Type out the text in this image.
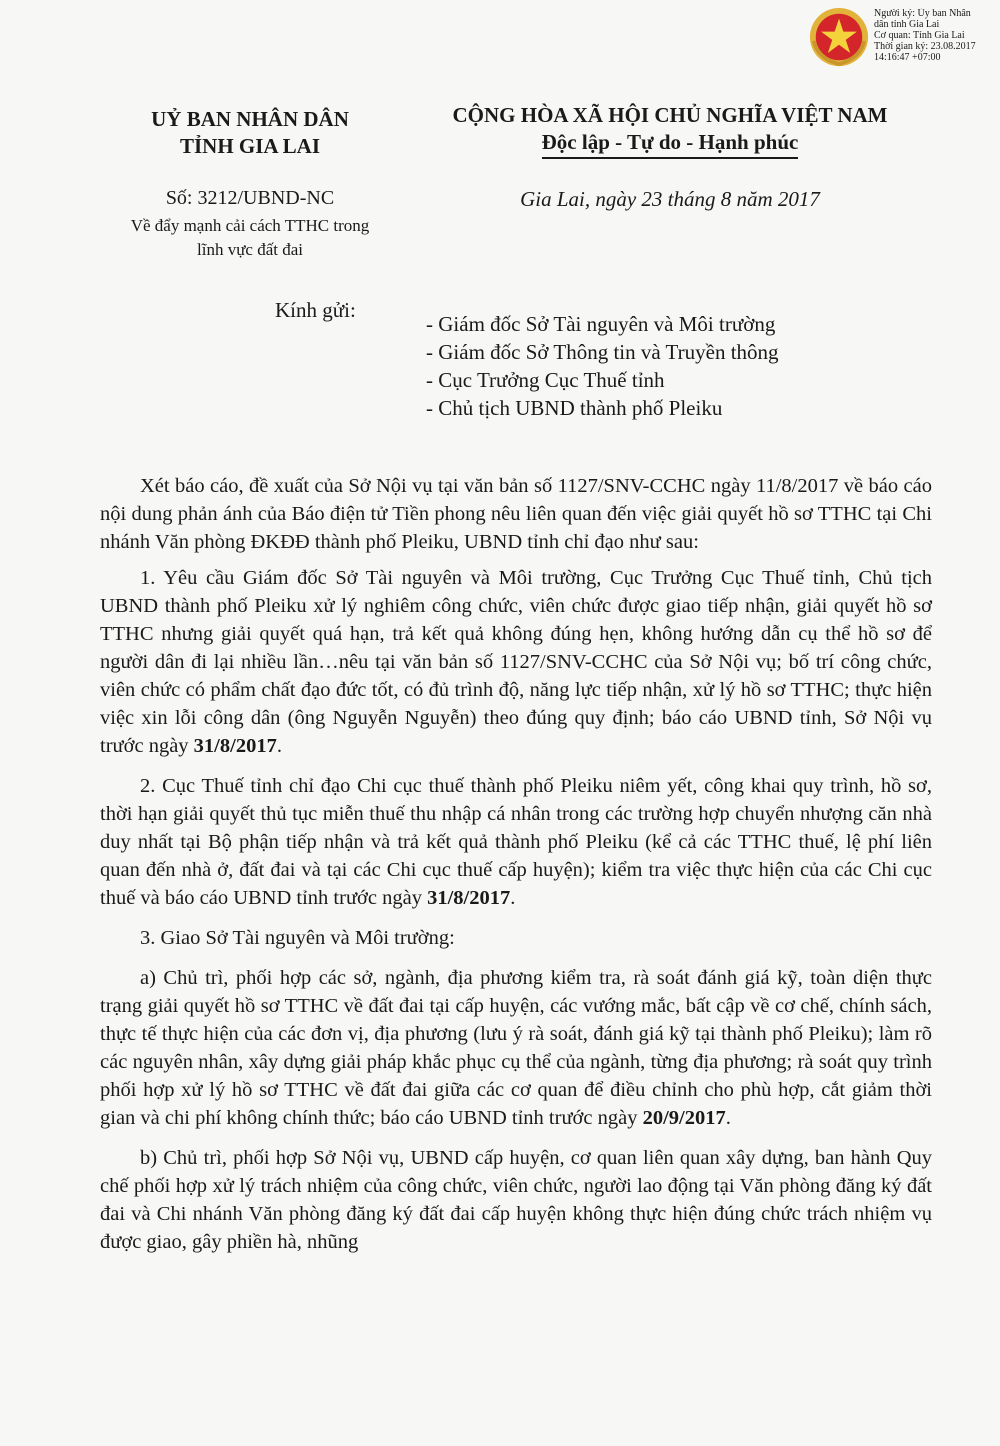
Người ký: Ủy ban Nhân
dân tỉnh Gia Lai
Cơ quan: Tỉnh Gia Lai
Thời gian ký: 23.08.2017
14:16:47 +07:00
UỶ BAN NHÂN DÂN
TỈNH GIA LAI
CỘNG HÒA XÃ HỘI CHỦ NGHĨA VIỆT NAM
Độc lập - Tự do - Hạnh phúc
Số: 3212/UBND-NC
Về đẩy mạnh cải cách TTHC trong
lĩnh vực đất đai
Gia Lai, ngày 23 tháng 8 năm 2017
Kính gửi:
- Giám đốc Sở Tài nguyên và Môi trường
- Giám đốc Sở Thông tin và Truyền thông
- Cục Trưởng Cục Thuế tỉnh
- Chủ tịch UBND thành phố Pleiku

Xét báo cáo, đề xuất của Sở Nội vụ tại văn bản số 1127/SNV-CCHC ngày 11/8/2017 về báo cáo nội dung phản ánh của Báo điện tử Tiền phong nêu liên quan đến việc giải quyết hồ sơ TTHC tại Chi nhánh Văn phòng ĐKĐĐ thành phố Pleiku, UBND tỉnh chỉ đạo như sau:

1. Yêu cầu Giám đốc Sở Tài nguyên và Môi trường, Cục Trưởng Cục Thuế tỉnh, Chủ tịch UBND thành phố Pleiku xử lý nghiêm công chức, viên chức được giao tiếp nhận, giải quyết hồ sơ TTHC nhưng giải quyết quá hạn, trả kết quả không đúng hẹn, không hướng dẫn cụ thể hồ sơ để người dân đi lại nhiều lần…nêu tại văn bản số 1127/SNV-CCHC của Sở Nội vụ; bố trí công chức, viên chức có phẩm chất đạo đức tốt, có đủ trình độ, năng lực tiếp nhận, xử lý hồ sơ TTHC; thực hiện việc xin lỗi công dân (ông Nguyễn Nguyễn) theo đúng quy định; báo cáo UBND tỉnh, Sở Nội vụ trước ngày 31/8/2017.

2. Cục Thuế tỉnh chỉ đạo Chi cục thuế thành phố Pleiku niêm yết, công khai quy trình, hồ sơ, thời hạn giải quyết thủ tục miễn thuế thu nhập cá nhân trong các trường hợp chuyển nhượng căn nhà duy nhất tại Bộ phận tiếp nhận và trả kết quả thành phố Pleiku (kể cả các TTHC thuế, lệ phí liên quan đến nhà ở, đất đai và tại các Chi cục thuế cấp huyện); kiểm tra việc thực hiện của các Chi cục thuế và báo cáo UBND tỉnh trước ngày 31/8/2017.

3. Giao Sở Tài nguyên và Môi trường:

a) Chủ trì, phối hợp các sở, ngành, địa phương kiểm tra, rà soát đánh giá kỹ, toàn diện thực trạng giải quyết hồ sơ TTHC về đất đai tại cấp huyện, các vướng mắc, bất cập về cơ chế, chính sách, thực tế thực hiện của các đơn vị, địa phương (lưu ý rà soát, đánh giá kỹ tại thành phố Pleiku); làm rõ các nguyên nhân, xây dựng giải pháp khắc phục cụ thể của ngành, từng địa phương; rà soát quy trình phối hợp xử lý hồ sơ TTHC về đất đai giữa các cơ quan để điều chỉnh cho phù hợp, cắt giảm thời gian và chi phí không chính thức; báo cáo UBND tỉnh trước ngày 20/9/2017.

b) Chủ trì, phối hợp Sở Nội vụ, UBND cấp huyện, cơ quan liên quan xây dựng, ban hành Quy chế phối hợp xử lý trách nhiệm của công chức, viên chức, người lao động tại Văn phòng đăng ký đất đai và Chi nhánh Văn phòng đăng ký đất đai cấp huyện không thực hiện đúng chức trách nhiệm vụ được giao, gây phiền hà, nhũng
